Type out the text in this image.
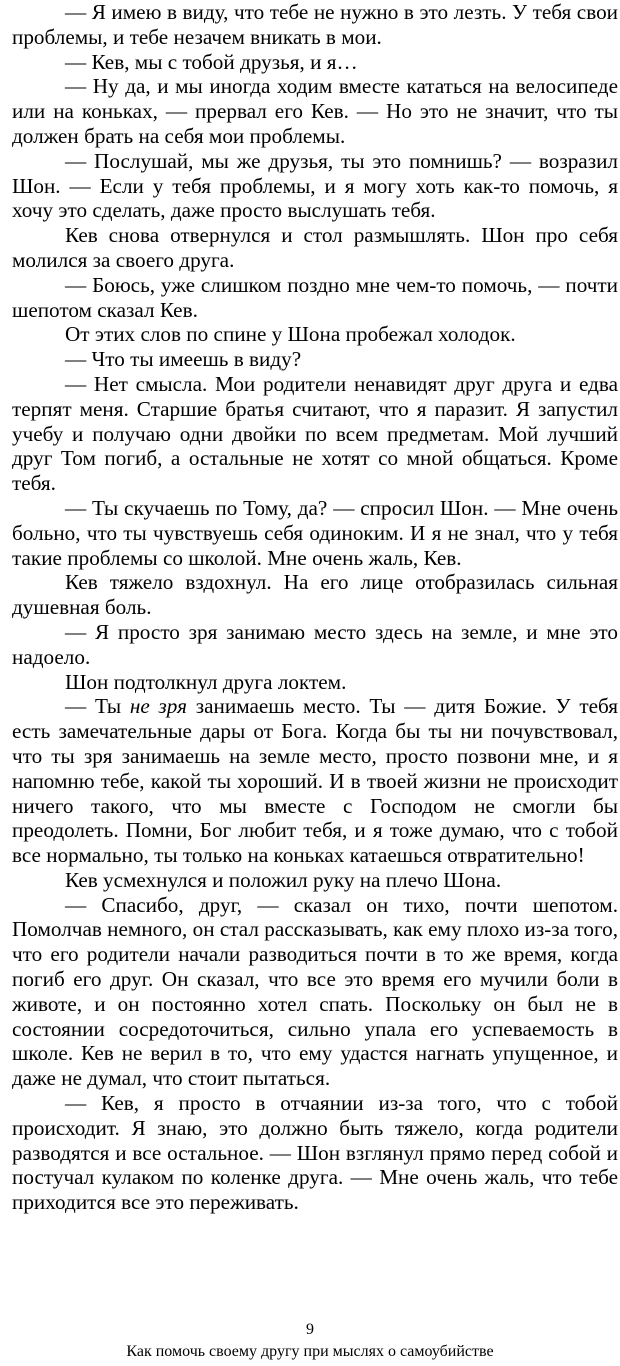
— Я имею в виду, что тебе не нужно в это лезть. У тебя свои проблемы, и тебе незачем вникать в мои.

— Кев, мы с тобой друзья, и я…

— Ну да, и мы иногда ходим вместе кататься на велосипеде или на коньках, — прервал его Кев. — Но это не значит, что ты должен брать на себя мои проблемы.

— Послушай, мы же друзья, ты это помнишь? — возразил Шон. — Если у тебя проблемы, и я могу хоть как-то помочь, я хочу это сделать, даже просто выслушать тебя.

Кев снова отвернулся и стол размышлять. Шон про себя молился за своего друга.

— Боюсь, уже слишком поздно мне чем-то помочь, — почти шепотом сказал Кев.

От этих слов по спине у Шона пробежал холодок.

— Что ты имеешь в виду?

— Нет смысла. Мои родители ненавидят друг друга и едва терпят меня. Старшие братья считают, что я паразит. Я запустил учебу и получаю одни двойки по всем предметам. Мой лучший друг Том погиб, а остальные не хотят со мной общаться. Кроме тебя.

— Ты скучаешь по Тому, да? — спросил Шон. — Мне очень больно, что ты чувствуешь себя одиноким. И я не знал, что у тебя такие проблемы со школой. Мне очень жаль, Кев.

Кев тяжело вздохнул. На его лице отобразилась сильная душевная боль.

— Я просто зря занимаю место здесь на земле, и мне это надоело.

Шон подтолкнул друга локтем.

— Ты не зря занимаешь место. Ты — дитя Божие. У тебя есть замечательные дары от Бога. Когда бы ты ни почувствовал, что ты зря занимаешь на земле место, просто позвони мне, и я напомню тебе, какой ты хороший. И в твоей жизни не происходит ничего такого, что мы вместе с Господом не смогли бы преодолеть. Помни, Бог любит тебя, и я тоже думаю, что с тобой все нормально, ты только на коньках катаешься отвратительно!

Кев усмехнулся и положил руку на плечо Шона.

— Спасибо, друг, — сказал он тихо, почти шепотом. Помолчав немного, он стал рассказывать, как ему плохо из-за того, что его родители начали разводиться почти в то же время, когда погиб его друг. Он сказал, что все это время его мучили боли в животе, и он постоянно хотел спать. Поскольку он был не в состоянии сосредоточиться, сильно упала его успеваемость в школе. Кев не верил в то, что ему удастся нагнать упущенное, и даже не думал, что стоит пытаться.

— Кев, я просто в отчаянии из-за того, что с тобой происходит. Я знаю, это должно быть тяжело, когда родители разводятся и все остальное. — Шон взглянул прямо перед собой и постучал кулаком по коленке друга. — Мне очень жаль, что тебе приходится все это переживать.

9
Как помочь своему другу при мыслях о самоубийстве
